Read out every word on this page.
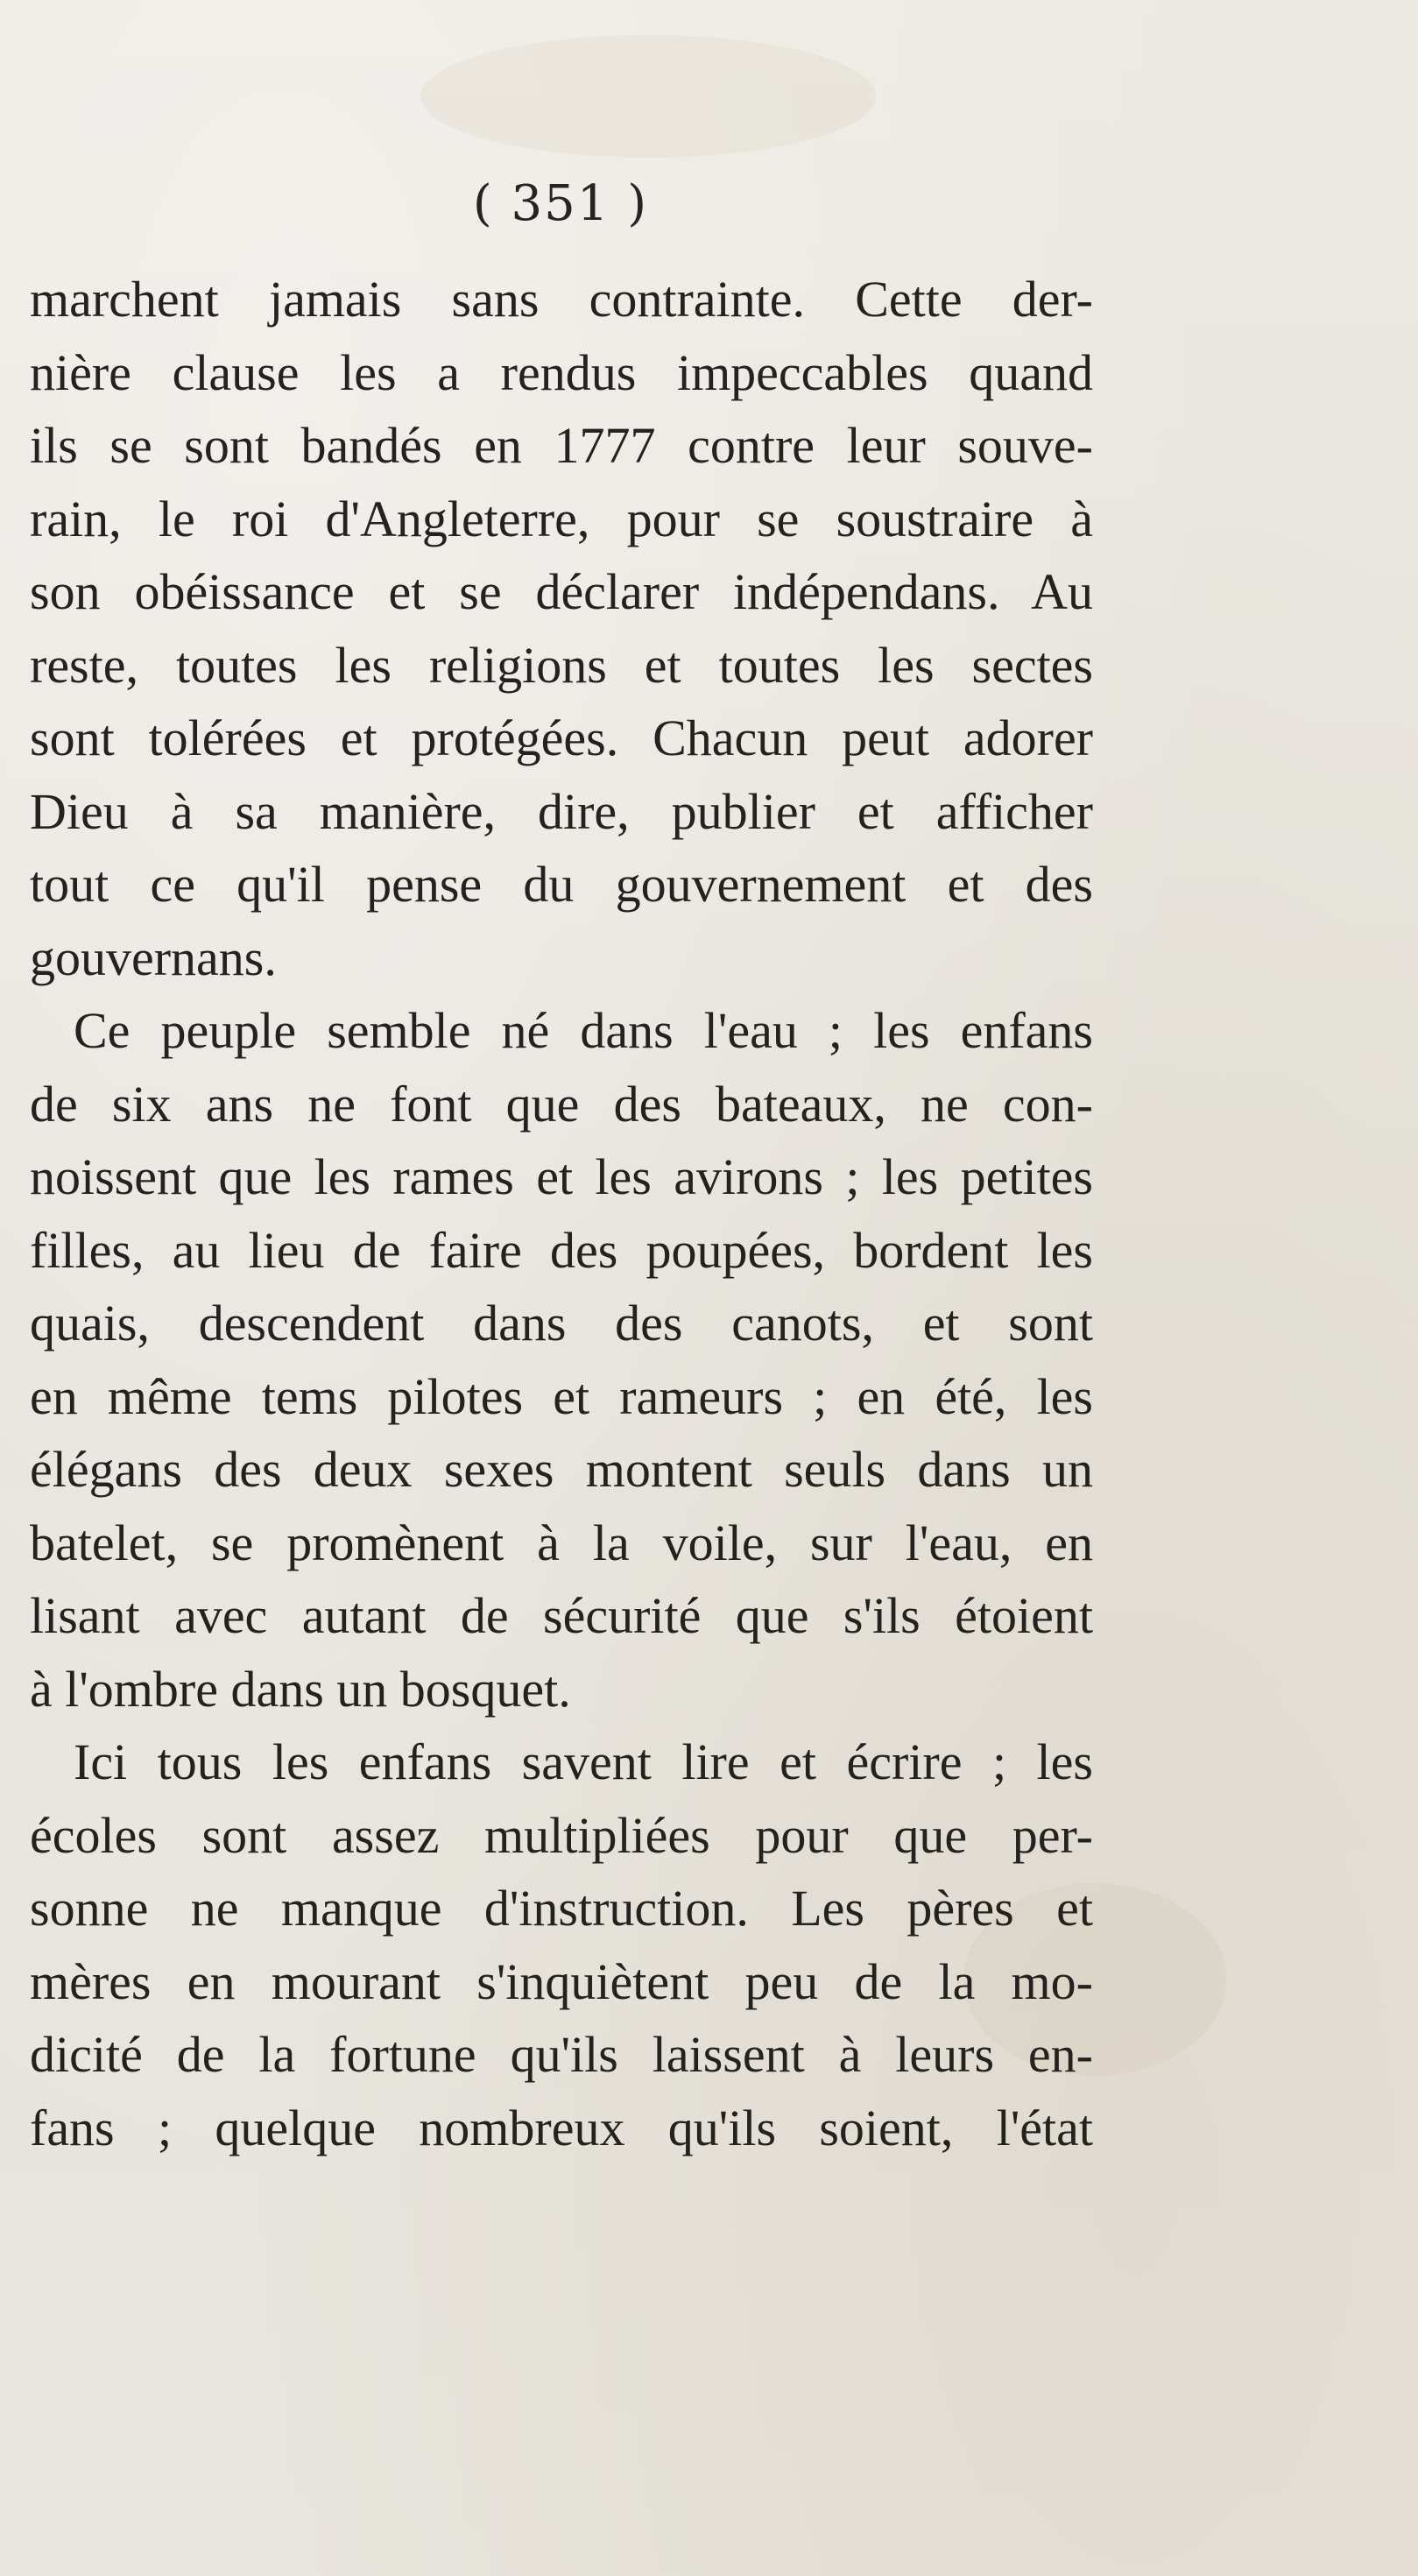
( 351 )
marchent jamais sans contrainte. Cette der-
nière clause les a rendus impeccables quand
ils se sont bandés en 1777 contre leur souve-
rain, le roi d'Angleterre, pour se soustraire à
son obéissance et se déclarer indépendans. Au
reste, toutes les religions et toutes les sectes
sont tolérées et protégées. Chacun peut adorer
Dieu à sa manière, dire, publier et afficher
tout ce qu'il pense du gouvernement et des
gouvernans.
Ce peuple semble né dans l'eau ; les enfans
de six ans ne font que des bateaux, ne con-
noissent que les rames et les avirons ; les petites
filles, au lieu de faire des poupées, bordent les
quais, descendent dans des canots, et sont
en même tems pilotes et rameurs ; en été, les
élégans des deux sexes montent seuls dans un
batelet, se promènent à la voile, sur l'eau, en
lisant avec autant de sécurité que s'ils étoient
à l'ombre dans un bosquet.
Ici tous les enfans savent lire et écrire ; les
écoles sont assez multipliées pour que per-
sonne ne manque d'instruction. Les pères et
mères en mourant s'inquiètent peu de la mo-
dicité de la fortune qu'ils laissent à leurs en-
fans ; quelque nombreux qu'ils soient, l'état
